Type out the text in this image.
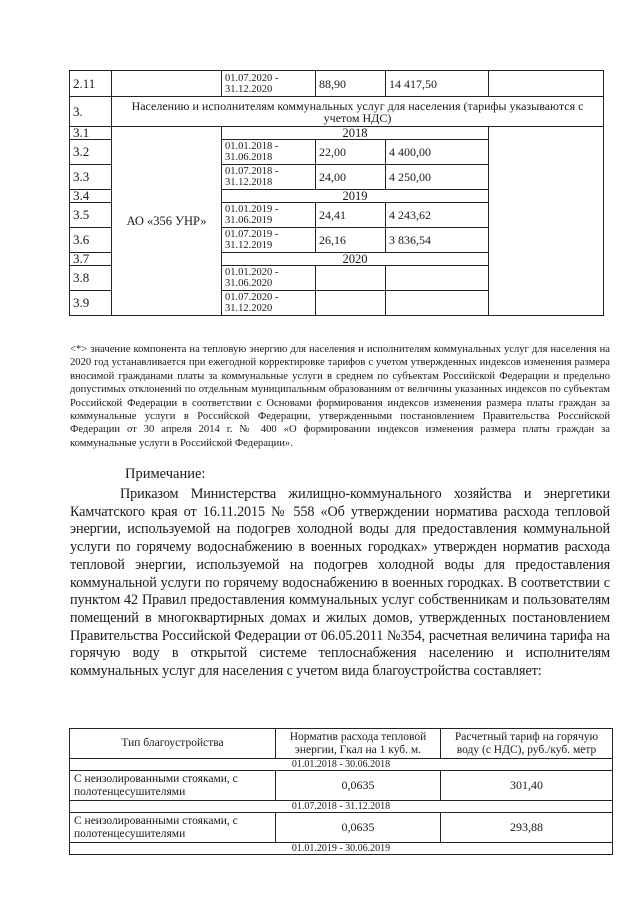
2.11		01.07.2020 - 31.12.2020	88,90	14 417,50	
3.	Населению и исполнителям коммунальных услуг для населения (тарифы указываются с учетом НДС)				
3.1	АО «356 УНР»	2018			
3.2		01.01.2018 - 31.06.2018	22,00	4 400,00	
3.3		01.07.2018 - 31.12.2018	24,00	4 250,00	
3.4		2019			
3.5		01.01.2019 - 31.06.2019	24,41	4 243,62	
3.6		01.07.2019 - 31.12.2019	26,16	3 836,54	
3.7		2020			
3.8		01.01.2020 - 31.06.2020			
3.9		01.07.2020 - 31.12.2020			
<*> значение компонента на тепловую энергию для населения и исполнителям коммунальных услуг для населения на 2020 год устанавливается при ежегодной корректировке тарифов с учетом утвержденных индексов изменения размера вносимой гражданами платы за коммунальные услуги в среднем по субъектам Российской Федерации и предельно допустимых отклонений по отдельным муниципальным образованиям от величины указанных индексов по субъектам Российской Федерации в соответствии с Основами формирования индексов изменения размера платы граждан за коммунальные услуги в Российской Федерации, утвержденными постановлением Правительства Российской Федерации от 30 апреля 2014 г. № 400 «О формировании индексов изменения размера платы граждан за коммунальные услуги в Российской Федерации».
Примечание:
Приказом Министерства жилищно-коммунального хозяйства и энергетики Камчатского края от 16.11.2015 № 558 «Об утверждении норматива расхода тепловой энергии, используемой на подогрев холодной воды для предоставления коммунальной услуги по горячему водоснабжению в военных городках» утвержден норматив расхода тепловой энергии, используемой на подогрев холодной воды для предоставления коммунальной услуги по горячему водоснабжению в военных городках. В соответствии с пунктом 42 Правил предоставления коммунальных услуг собственникам и пользователям помещений в многоквартирных домах и жилых домов, утвержденных постановлением Правительства Российской Федерации от 06.05.2011 №354, расчетная величина тарифа на горячую воду в открытой системе теплоснабжения населению и исполнителям коммунальных услуг для населения с учетом вида благоустройства составляет:
Тип благоустройства	Норматив расхода тепловой энергии, Гкал на 1 куб. м.	Расчетный тариф на горячую воду (с НДС), руб./куб. метр
01.01.2018 - 30.06.2018		
С неизолированными стояками, с полотенцесушителями	0,0635	301,40
01.07.2018 - 31.12.2018		
С неизолированными стояками, с полотенцесушителями	0,0635	293,88
01.01.2019 - 30.06.2019		
